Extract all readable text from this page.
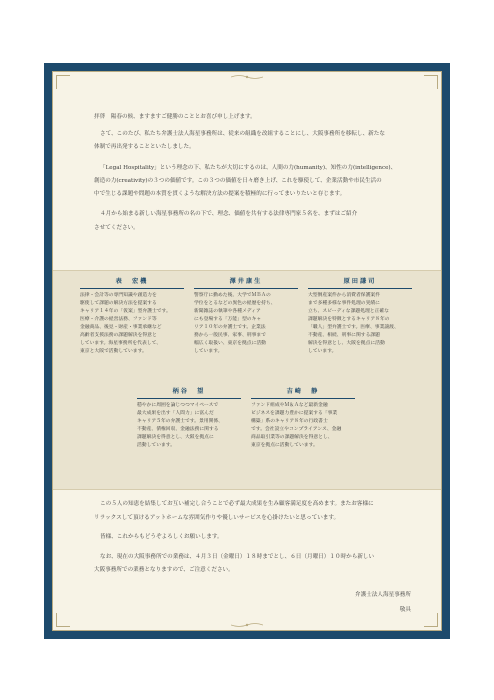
拝啓　陽春の候、ますますご健勝のこととお喜び申し上げます。
さて、このたび、私たち弁護士法人海星事務所は、従来の組織を改組することにし、大阪事務所を移転し、新たな
体制で再出発することといたしました。
「Legal Hospitality」という理念の下、私たちが大切にするのは、人間の力(humanity)、知性の力(intelligence)、
創造の力(creativity)の３つの価値です。この３つの価値を日々磨き上げ、これを駆使して、企業活動や市民生活の
中で生じる課題や問題の本質を貫くような解決方法の提案を積極的に行ってまいりたいと存じます。
４月から始まる新しい海星事務所の名の下で、理念、価値を共有する法律専門家５名を、まずはご紹介
させてください。
表　宏機
法律・会計等の専門知識や創造力を
駆使して課題の解決方法を提案する
キャリア１４年の「仮案」型弁護士です。
医療・介護の経営法務、ファンド等
金融商品、後見・財産・事業承継など
高齢者支援法務の課題解決を得意と
しています。海星事務所を代表して、
東京と大阪で活動しています。
澤井康生
警察庁に勤めた後、大学でＭＢＡの
学位をとるなどの異色の経歴を持ち、
新聞雑誌の執筆や各種メディア
にも登場する「万能」型のキャ
リア１０年の弁護士です。企業法
務から一般民事、家事、刑事まで
幅広く取扱い、東京を拠点に活動
しています。
原田謙司
大型倒産案件から消費者保護案件
まで多種多様な事件処理の実績に
立ち、スピーディな課題処理と正確な
課題解決を特徴とするキャリア８年の
「職人」型弁護士です。医療、事業譲渡、
不動産、相続、刑事に関する課題
解決を得意とし、大阪を拠点に活動
しています。
柄谷　望
穏やかに周囲を論じつつマイペースで
最大成果を出す「人間力」に富んだ
キャリア５年の弁護士です。景用関係、
不動産、債権回収、金融法務に関する
課題解決を得意とし、大阪を拠点に
活動しています。
吉崎　静
ファンド組成やＭ＆Ａなど最新金融
ビジネスを課題力豊かに提案する「事業
構築」系のキャリア８年の行政書士
です。会社設立やコンプライアンス、金融
商品取引業等の課題解決を得意とし、
東京を拠点に活動しています。
この５人の知恵を結集してお互い補完し合うことで必ず最大成果を生み顧客満足度を高めます。またお客様に
リラックスして頂けるアットホームな雰囲気作りや優しいサービスを心掛けたいと思っています。
皆様、これからもどうぞよろしくお願いします。
なお、現在の大阪事務所での業務は、４月３日（金曜日）１８時までとし、６日（月曜日）１０時から新しい
大阪事務所での業務となりますので、ご注意ください。
弁護士法人海星事務所
敬具
